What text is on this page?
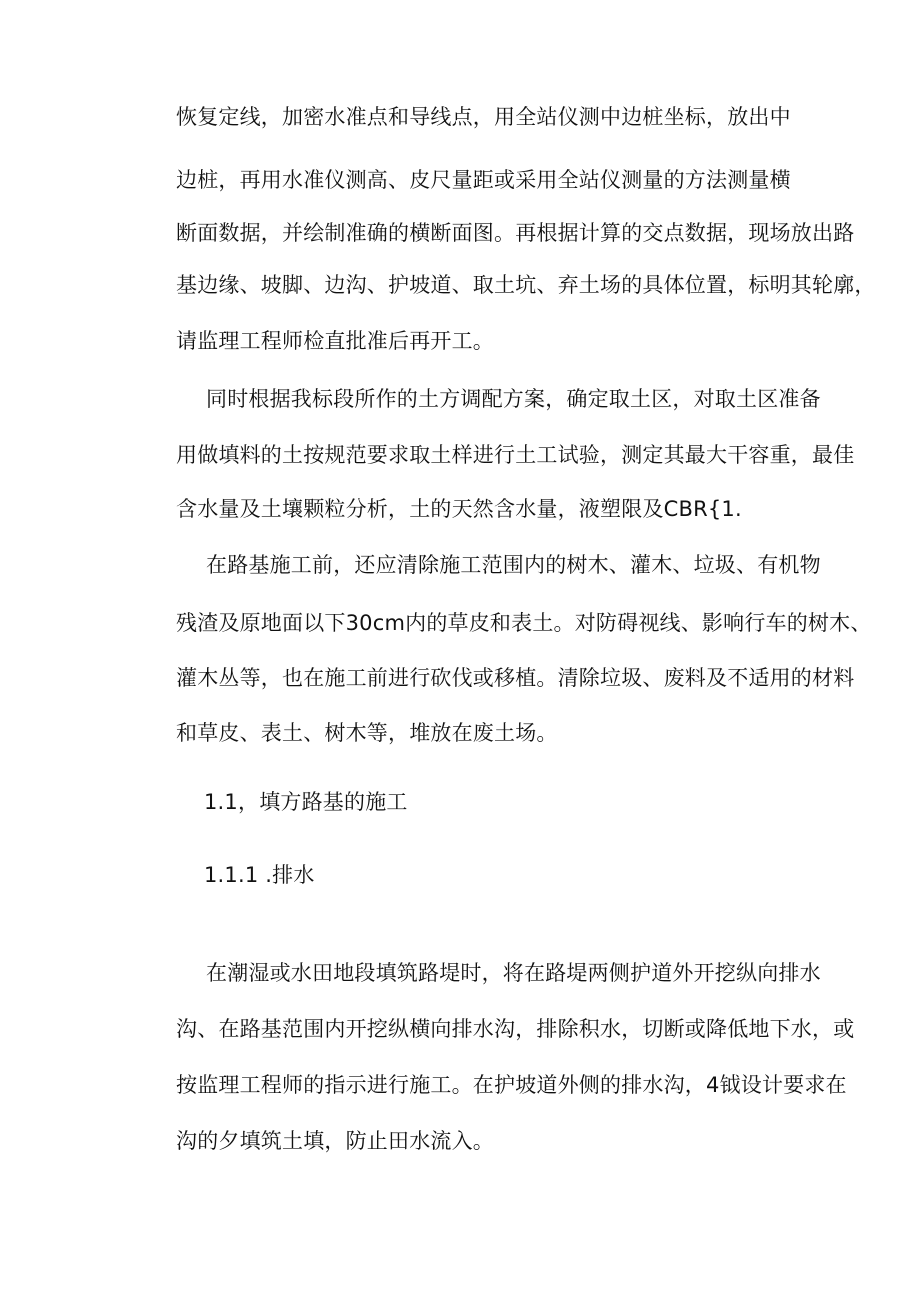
恢复定线，加密水准点和导线点，用全站仪测中边桩坐标，放出中
边桩，再用水准仪测高、皮尺量距或采用全站仪测量的方法测量横
断面数据，并绘制准确的横断面图。再根据计算的交点数据，现场放出路
基边缘、坡脚、边沟、护坡道、取土坑、弃土场的具体位置，标明其轮廓，
请监理工程师检直批准后再开工。
同时根据我标段所作的土方调配方案，确定取土区，对取土区准备
用做填料的土按规范要求取土样进行土工试验，测定其最大干容重，最佳
含水量及土壤颗粒分析，土的天然含水量，液塑限及CBR{1.
在路基施工前，还应清除施工范围内的树木、灌木、垃圾、有机物
残渣及原地面以下30cm内的草皮和表土。对防碍视线、影响行车的树木、
灌木丛等，也在施工前进行砍伐或移植。清除垃圾、废料及不适用的材料
和草皮、表土、树木等，堆放在废土场。
1.1，填方路基的施工
1.1.1 .排水
在潮湿或水田地段填筑路堤时，将在路堤两侧护道外开挖纵向排水
沟、在路基范围内开挖纵横向排水沟，排除积水，切断或降低地下水，或
按监理工程师的指示进行施工。在护坡道外侧的排水沟，4钺设计要求在
沟的夕填筑土填，防止田水流入。
